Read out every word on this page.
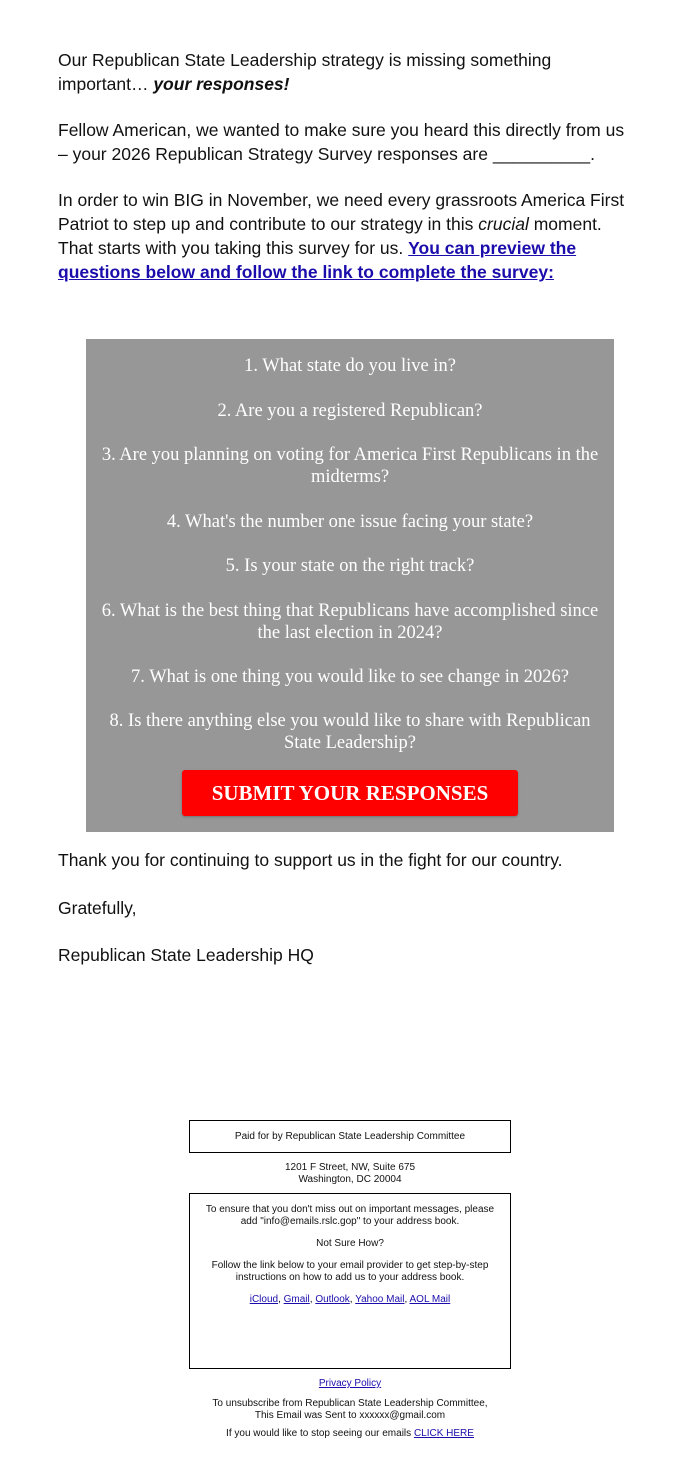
Our Republican State Leadership strategy is missing something important… your responses!

Fellow American, we wanted to make sure you heard this directly from us – your 2026 Republican Strategy Survey responses are __________.

In order to win BIG in November, we need every grassroots America First Patriot to step up and contribute to our strategy in this crucial moment. That starts with you taking this survey for us. You can preview the questions below and follow the link to complete the survey:

1. What state do you live in?
2. Are you a registered Republican?
3. Are you planning on voting for America First Republicans in the midterms?
4. What's the number one issue facing your state?
5. Is your state on the right track?
6. What is the best thing that Republicans have accomplished since the last election in 2024?
7. What is one thing you would like to see change in 2026?
8. Is there anything else you would like to share with Republican State Leadership?
SUBMIT YOUR RESPONSES
Thank you for continuing to support us in the fight for our country.
Gratefully,
Republican State Leadership HQ
Paid for by Republican State Leadership Committee
1201 F Street, NW, Suite 675
Washington, DC 20004
To ensure that you don't miss out on important messages, please add "info@emails.rslc.gop" to your address book.
Not Sure How?
Follow the link below to your email provider to get step-by-step instructions on how to add us to your address book.
iCloud, Gmail, Outlook, Yahoo Mail, AOL Mail
Privacy Policy
To unsubscribe from Republican State Leadership Committee,
This Email was Sent to xxxxxx@gmail.com
If you would like to stop seeing our emails CLICK HERE
